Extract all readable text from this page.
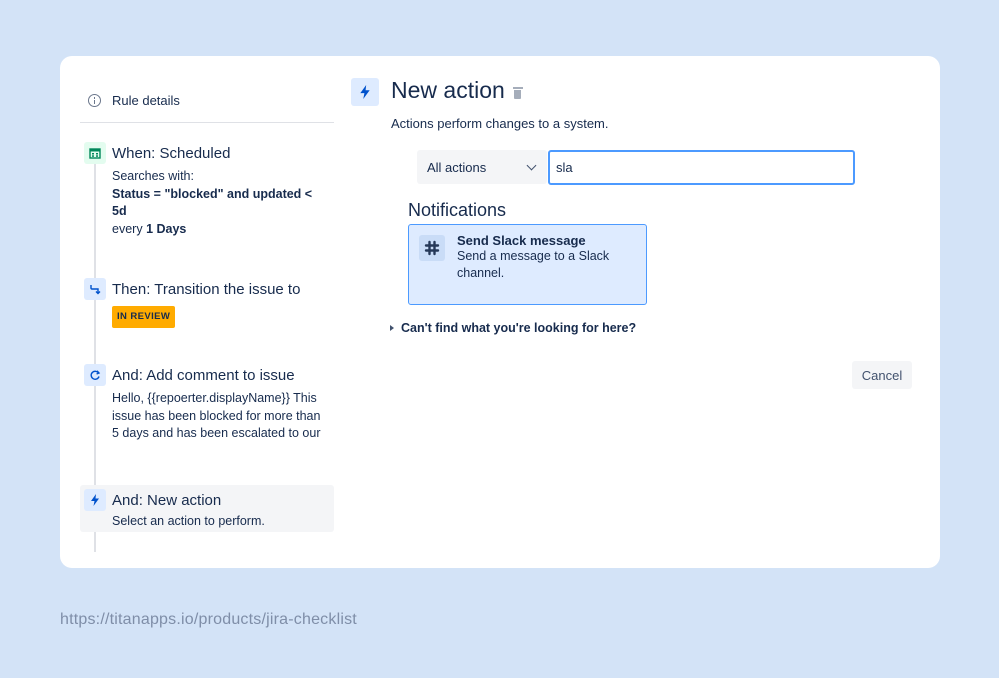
Rule details
When: Scheduled
Searches with:
Status = "blocked" and updated < 5d
every 1 Days
Then: Transition the issue to
IN REVIEW
And: Add comment to issue
Hello, {{repoerter.displayName}} This issue has been blocked for more than 5 days and has been escalated to our
And: New action
Select an action to perform.
New action
Actions perform changes to a system.
All actions
sla
Notifications
Send Slack message
Send a message to a Slack channel.
Can't find what you're looking for here?
Cancel
https://titanapps.io/products/jira-checklist
